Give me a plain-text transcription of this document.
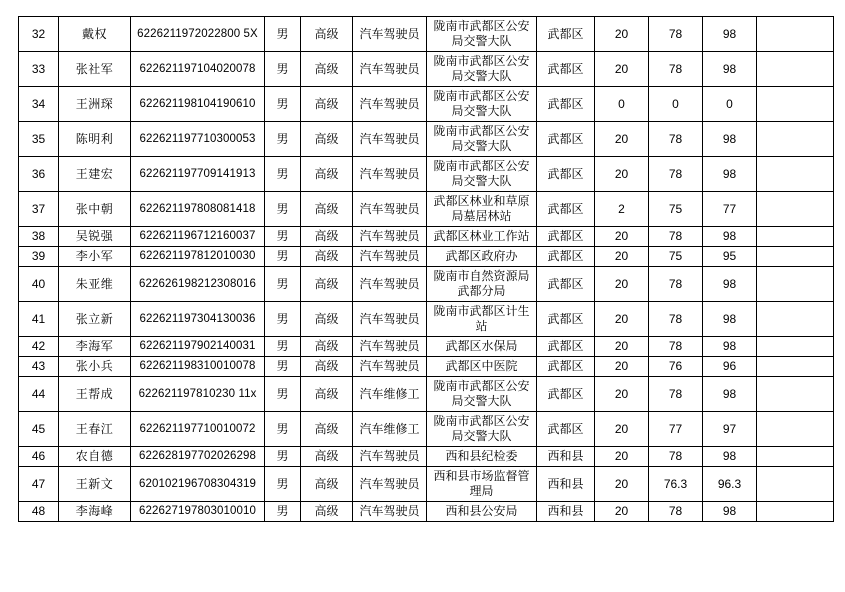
32	戴权	6226211972022800 5X	男	高级	汽车驾驶员	陇南市武都区公安局交警大队	武都区	20	78	98	
33	张社军	622621197104020078	男	高级	汽车驾驶员	陇南市武都区公安局交警大队	武都区	20	78	98	
34	王洲琛	622621198104190610	男	高级	汽车驾驶员	陇南市武都区公安局交警大队	武都区	0	0	0	
35	陈明利	622621197710300053	男	高级	汽车驾驶员	陇南市武都区公安局交警大队	武都区	20	78	98	
36	王建宏	622621197709141913	男	高级	汽车驾驶员	陇南市武都区公安局交警大队	武都区	20	78	98	
37	张中朝	622621197808081418	男	高级	汽车驾驶员	武都区林业和草原局墓居林站	武都区	2	75	77	
38	吴锐强	622621196712160037	男	高级	汽车驾驶员	武都区林业工作站	武都区	20	78	98	
39	李小军	622621197812010030	男	高级	汽车驾驶员	武都区政府办	武都区	20	75	95	
40	朱亚维	622626198212308016	男	高级	汽车驾驶员	陇南市自然资源局武都分局	武都区	20	78	98	
41	张立新	622621197304130036	男	高级	汽车驾驶员	陇南市武都区计生站	武都区	20	78	98	
42	李海军	622621197902140031	男	高级	汽车驾驶员	武都区水保局	武都区	20	78	98	
43	张小兵	622621198310010078	男	高级	汽车驾驶员	武都区中医院	武都区	20	76	96	
44	王帮成	622621197810230 11x	男	高级	汽车维修工	陇南市武都区公安局交警大队	武都区	20	78	98	
45	王春江	622621197710010072	男	高级	汽车维修工	陇南市武都区公安局交警大队	武都区	20	77	97	
46	农自德	622628197702026298	男	高级	汽车驾驶员	西和县纪检委	西和县	20	78	98	
47	王新文	620102196708304319	男	高级	汽车驾驶员	西和县市场监督管理局	西和县	20	76.3	96.3	
48	李海峰	622627197803010010	男	高级	汽车驾驶员	西和县公安局	西和县	20	78	98	
